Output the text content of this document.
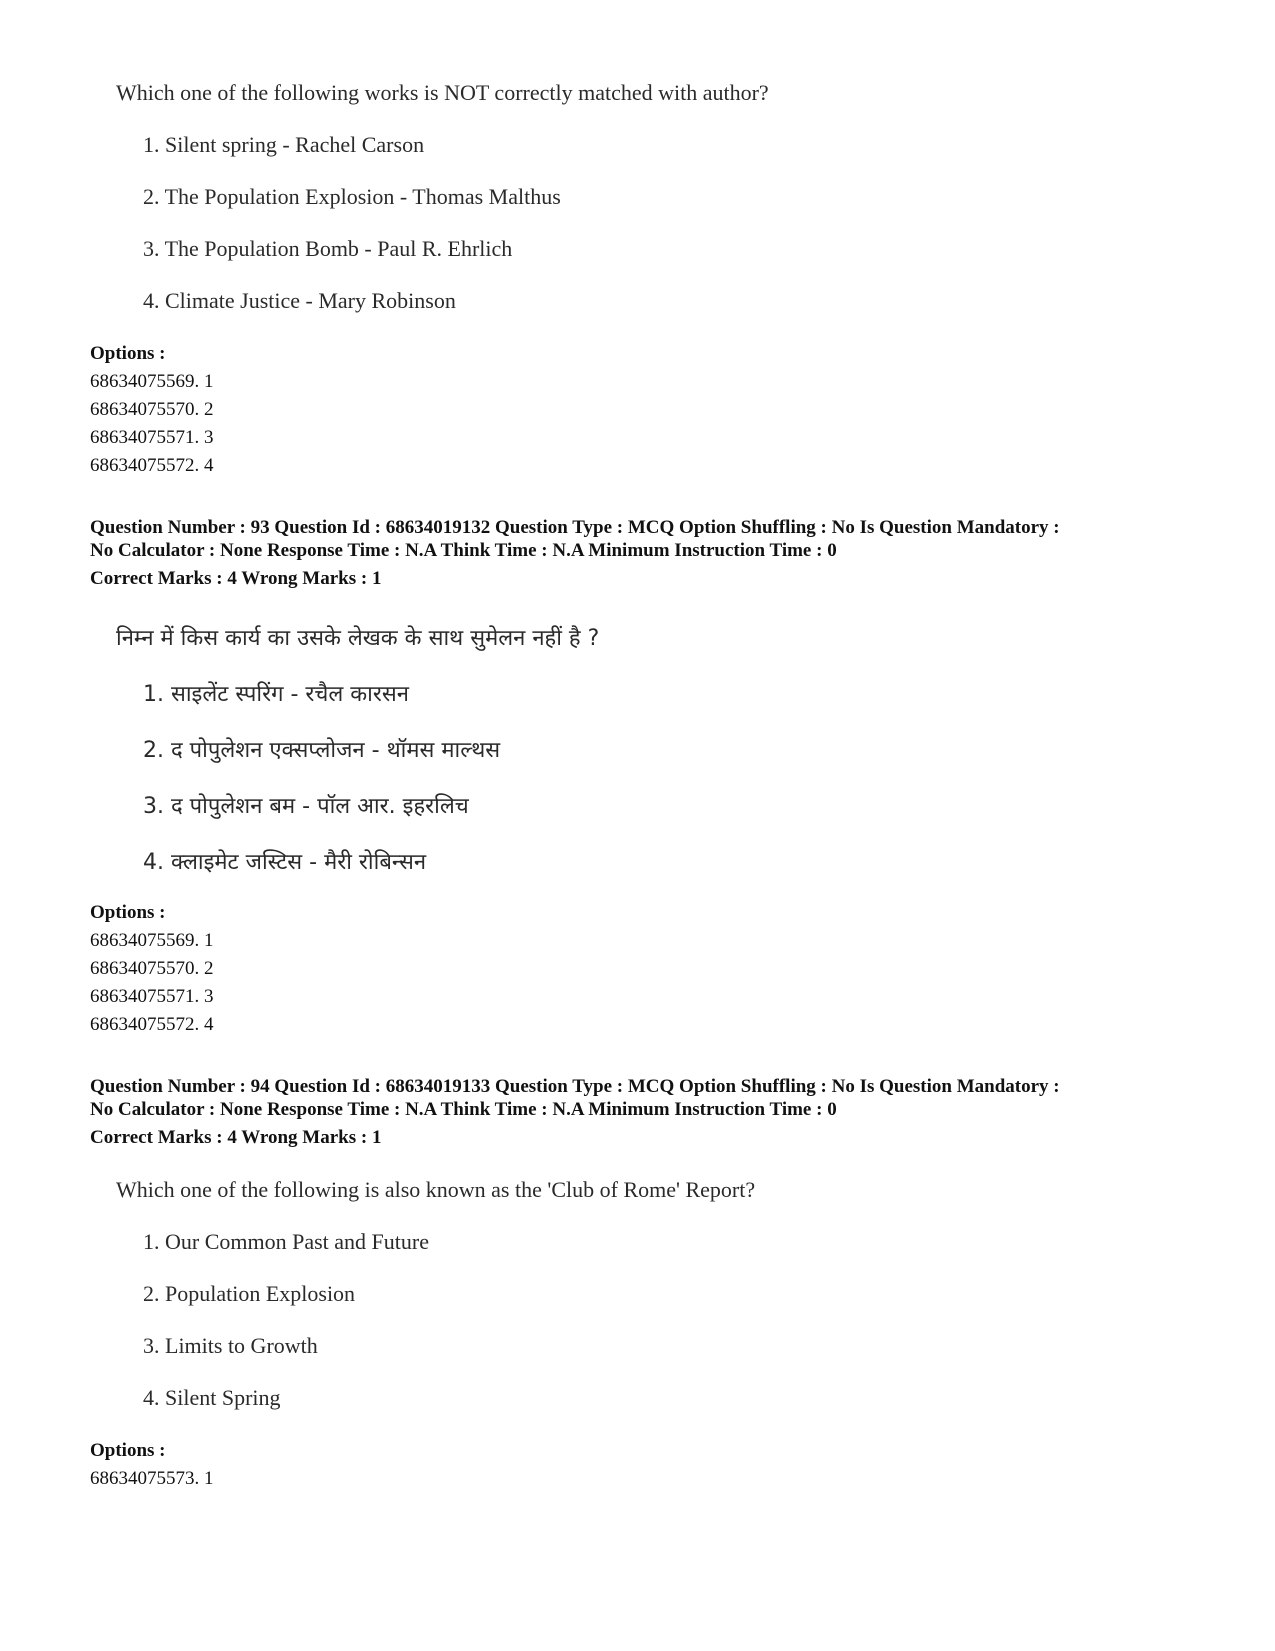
Which one of the following works is NOT correctly matched with author?
1. Silent spring - Rachel Carson
2. The Population Explosion - Thomas Malthus
3. The Population Bomb - Paul R. Ehrlich
4. Climate Justice - Mary Robinson
Options :
68634075569. 1
68634075570. 2
68634075571. 3
68634075572. 4
Question Number : 93 Question Id : 68634019132 Question Type : MCQ Option Shuffling : No Is Question Mandatory :
No Calculator : None Response Time : N.A Think Time : N.A Minimum Instruction Time : 0
Correct Marks : 4 Wrong Marks : 1
निम्न में किस कार्य का उसके लेखक के साथ सुमेलन नहीं है ?
1. साइलेंट स्परिंग - रचैल कारसन
2. द पोपुलेशन एक्सप्लोजन - थॉमस माल्थस
3. द पोपुलेशन बम - पॉल आर. इहरलिच
4. क्लाइमेट जस्टिस - मैरी रोबिन्सन
Options :
68634075569. 1
68634075570. 2
68634075571. 3
68634075572. 4
Question Number : 94 Question Id : 68634019133 Question Type : MCQ Option Shuffling : No Is Question Mandatory :
No Calculator : None Response Time : N.A Think Time : N.A Minimum Instruction Time : 0
Correct Marks : 4 Wrong Marks : 1
Which one of the following is also known as the 'Club of Rome' Report?
1. Our Common Past and Future
2. Population Explosion
3. Limits to Growth
4. Silent Spring
Options :
68634075573. 1
